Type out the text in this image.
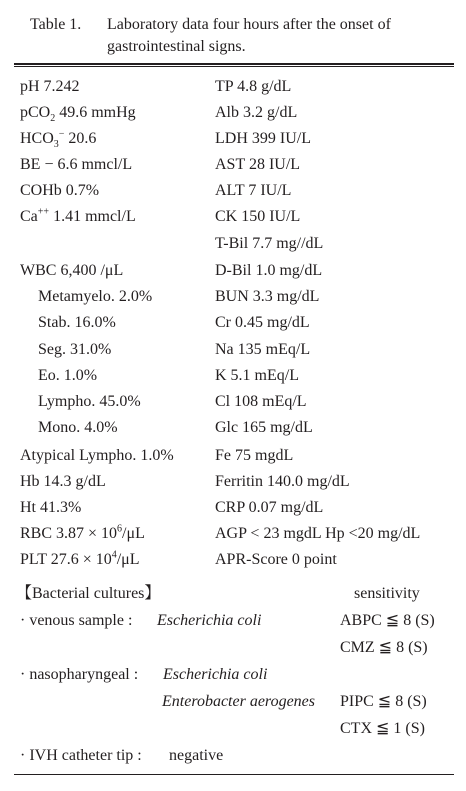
Table 1. Laboratory data four hours after the onset of gastrointestinal signs.
pH 7.242
pCO$_2$ 49.6 mmHg
$HCO_3^-$ 20.6
BE − 6.6 mmcl/L
COHb 0.7%
Ca++ 1.41 mmcl/L
WBC 6,400 /μL
Metamyelo. 2.0%
Stab. 16.0%
Seg. 31.0%
Eo. 1.0%
Lympho. 45.0%
Mono. 4.0%
Atypical Lympho. 1.0%
Hb 14.3 g/dL
Ht 41.3%
RBC $3.87 \times 10^6/\mu L$
PLT $27.6 \times 10^4/\mu L$
TP 4.8 g/dL
Alb 3.2 g/dL
LDH 399 IU/L
AST 28 IU/L
ALT 7 IU/L
CK 150 IU/L
T-Bil 7.7 mg//dL
D-Bil 1.0 mg/dL
BUN 3.3 mg/dL
Cr 0.45 mg/dL
Na 135 mEq/L
K 5.1 mEq/L
Cl 108 mEq/L
Glc 165 mg/dL
Fe 75 mgdL
Ferritin 140.0 mg/dL
CRP 0.07 mg/dL
AGP < 23 mgdL Hp <20 mg/dL
APR-Score 0 point
【Bacterial cultures】	sensitivity
· venous sample : Escherichia coli	ABPC ≦ 8 (S)
CMZ ≦ 8 (S)
· nasopharyngeal : Escherichia coli
Enterobacter aerogenes PIPC ≦ 8 (S)
CTX ≦ 1 (S)
· IVH catheter tip : negative
